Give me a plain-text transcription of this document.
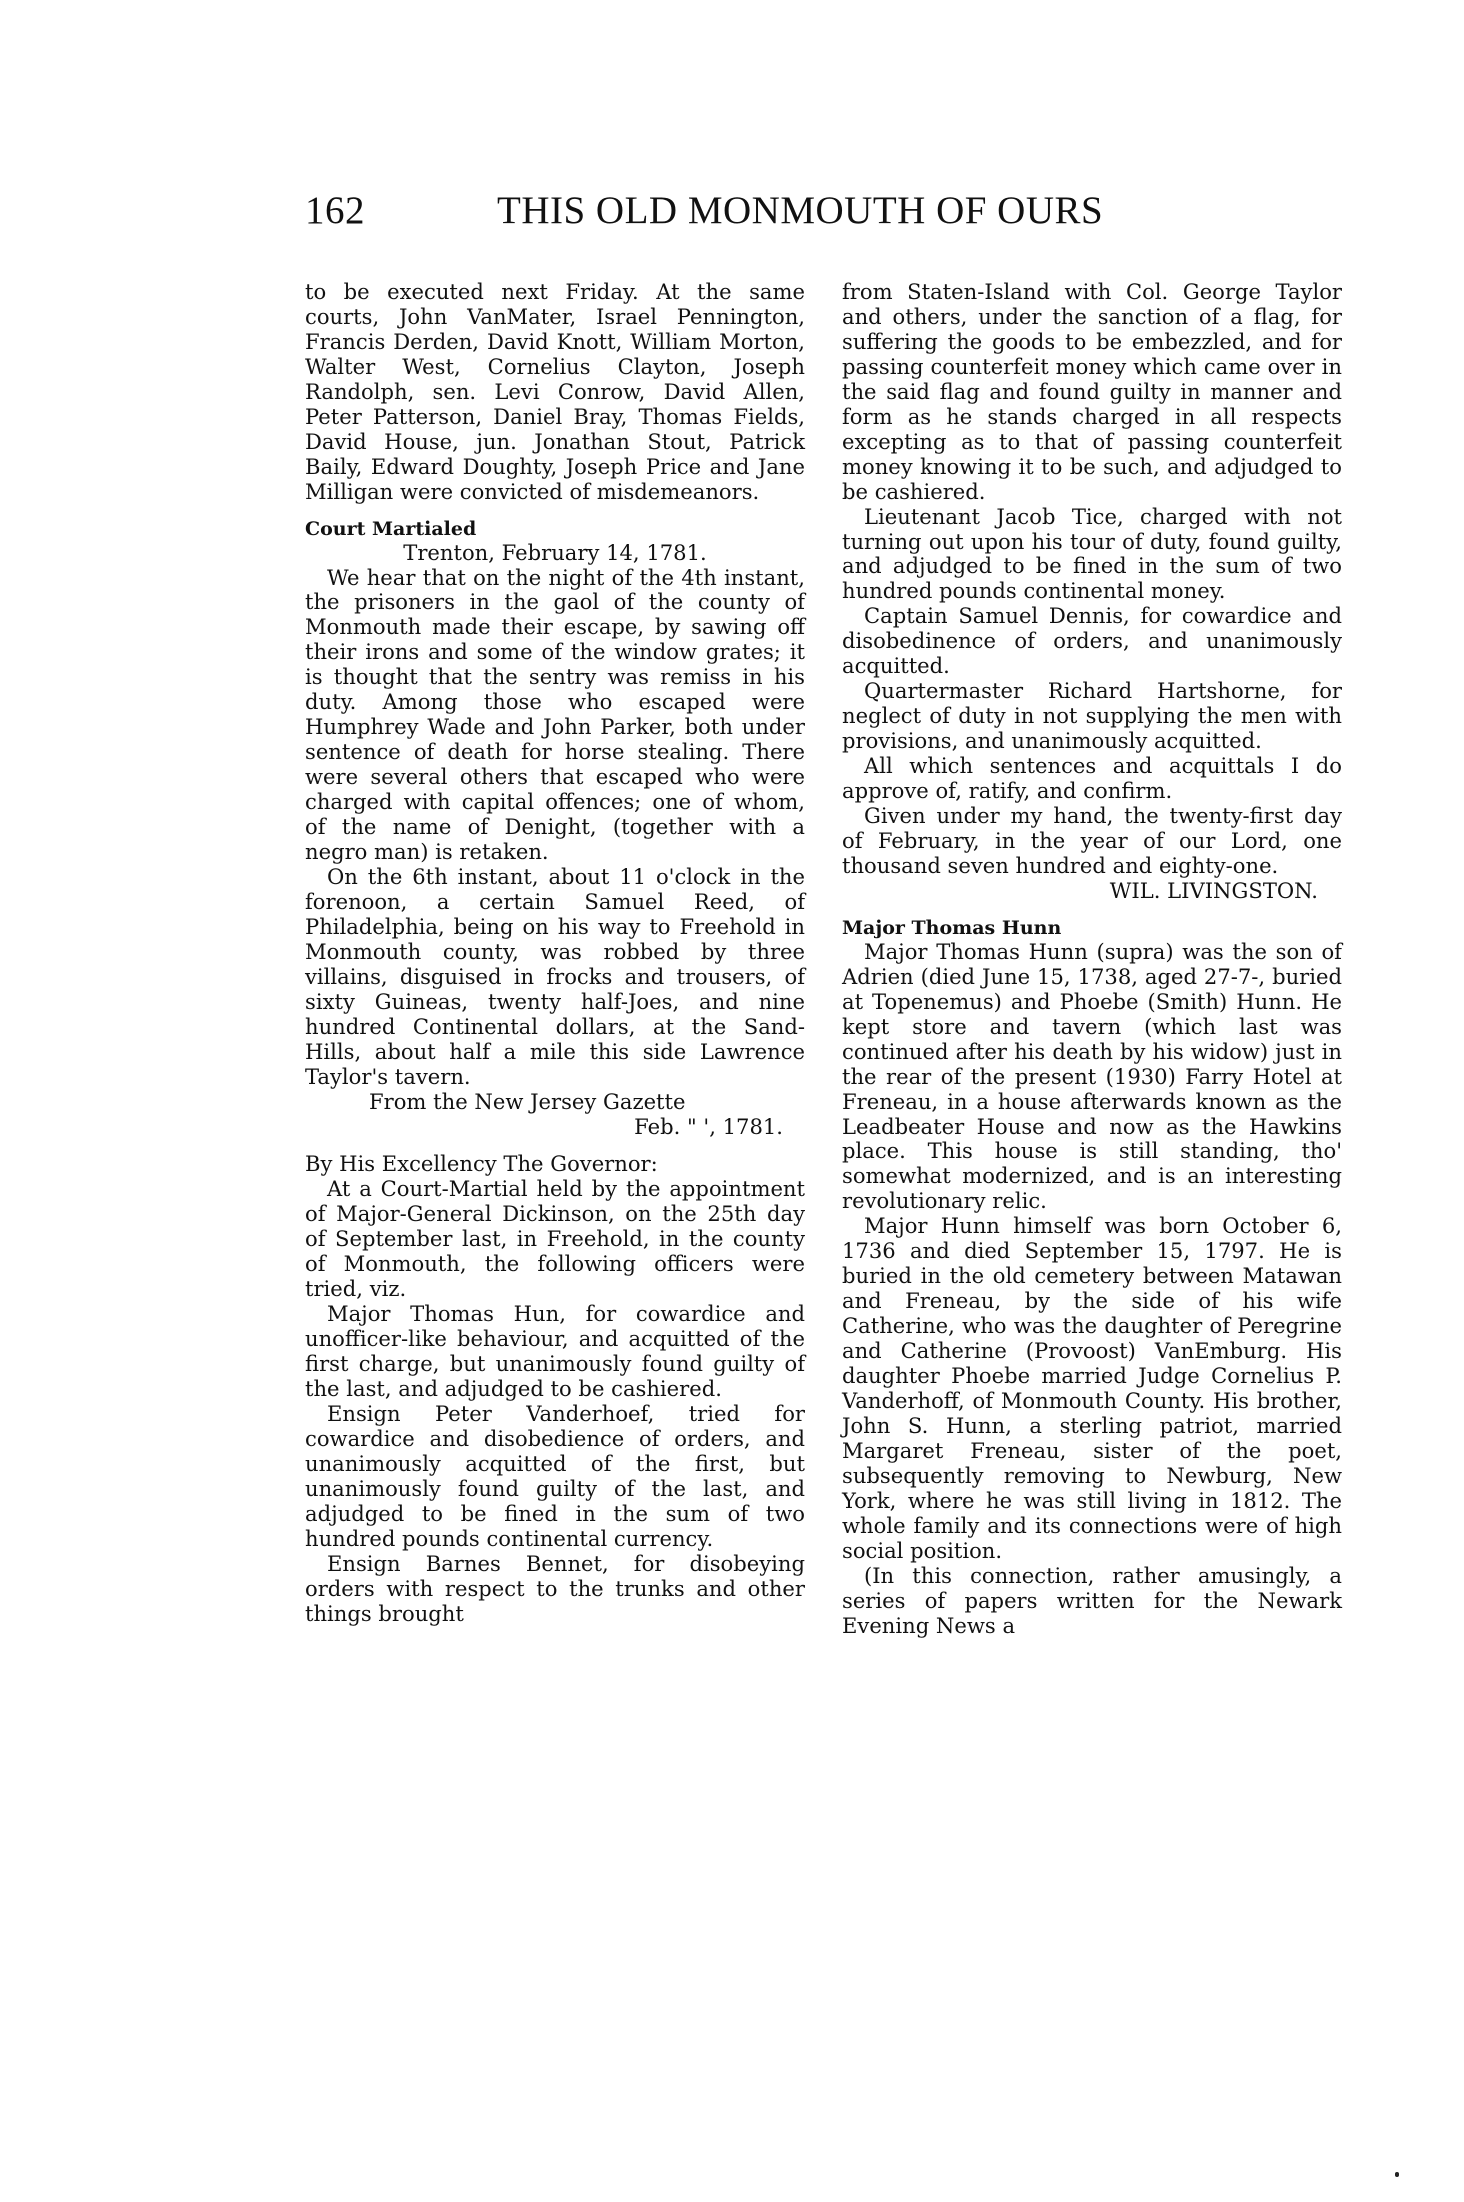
162	THIS OLD MONMOUTH OF OURS

to be executed next Friday. At the same courts, John VanMater, Israel Pennington, Francis Derden, David Knott, William Morton, Walter West, Cornelius Clayton, Joseph Randolph, sen. Levi Conrow, David Allen, Peter Patterson, Daniel Bray, Thomas Fields, David House, jun. Jonathan Stout, Patrick Baily, Edward Doughty, Joseph Price and Jane Milligan were convicted of misdemeanors.

Court Martialed

Trenton, February 14, 1781.

We hear that on the night of the 4th instant, the prisoners in the gaol of the county of Monmouth made their escape, by sawing off their irons and some of the window grates; it is thought that the sentry was remiss in his duty. Among those who escaped were Humphrey Wade and John Parker, both under sentence of death for horse stealing. There were several others that escaped who were charged with capital offences; one of whom, of the name of Denight, (together with a negro man) is retaken.

On the 6th instant, about 11 o'clock in the forenoon, a certain Samuel Reed, of Philadelphia, being on his way to Freehold in Monmouth county, was robbed by three villains, disguised in frocks and trousers, of sixty Guineas, twenty half-Joes, and nine hundred Continental dollars, at the Sand-Hills, about half a mile this side Lawrence Taylor's tavern.

From the New Jersey Gazette

Feb. " ', 1781.

By His Excellency The Governor:

At a Court-Martial held by the appointment of Major-General Dickinson, on the 25th day of September last, in Freehold, in the county of Monmouth, the following officers were tried, viz.

Major Thomas Hun, for cowardice and unofficer-like behaviour, and acquitted of the first charge, but unanimously found guilty of the last, and adjudged to be cashiered.

Ensign Peter Vanderhoef, tried for cowardice and disobedience of orders, and unanimously acquitted of the first, but unanimously found guilty of the last, and adjudged to be fined in the sum of two hundred pounds continental currency.

Ensign Barnes Bennet, for disobeying orders with respect to the trunks and other things brought

from Staten-Island with Col. George Taylor and others, under the sanction of a flag, for suffering the goods to be embezzled, and for passing counterfeit money which came over in the said flag and found guilty in manner and form as he stands charged in all respects excepting as to that of passing counterfeit money knowing it to be such, and adjudged to be cashiered.

Lieutenant Jacob Tice, charged with not turning out upon his tour of duty, found guilty, and adjudged to be fined in the sum of two hundred pounds continental money.

Captain Samuel Dennis, for cowardice and disobedinence of orders, and unanimously acquitted.

Quartermaster Richard Hartshorne, for neglect of duty in not supplying the men with provisions, and unanimously acquitted.

All which sentences and acquittals I do approve of, ratify, and confirm.

Given under my hand, the twenty-first day of February, in the year of our Lord, one thousand seven hundred and eighty-one.

WIL. LIVINGSTON.

Major Thomas Hunn

Major Thomas Hunn (supra) was the son of Adrien (died June 15, 1738, aged 27-7-, buried at Topenemus) and Phoebe (Smith) Hunn. He kept store and tavern (which last was continued after his death by his widow) just in the rear of the present (1930) Farry Hotel at Freneau, in a house afterwards known as the Leadbeater House and now as the Hawkins place. This house is still standing, tho' somewhat modernized, and is an interesting revolutionary relic.

Major Hunn himself was born October 6, 1736 and died September 15, 1797. He is buried in the old cemetery between Matawan and Freneau, by the side of his wife Catherine, who was the daughter of Peregrine and Catherine (Provoost) VanEmburg. His daughter Phoebe married Judge Cornelius P. Vanderhoff, of Monmouth County. His brother, John S. Hunn, a sterling patriot, married Margaret Freneau, sister of the poet, subsequently removing to Newburg, New York, where he was still living in 1812. The whole family and its connections were of high social position.

(In this connection, rather amusingly, a series of papers written for the Newark Evening News a
